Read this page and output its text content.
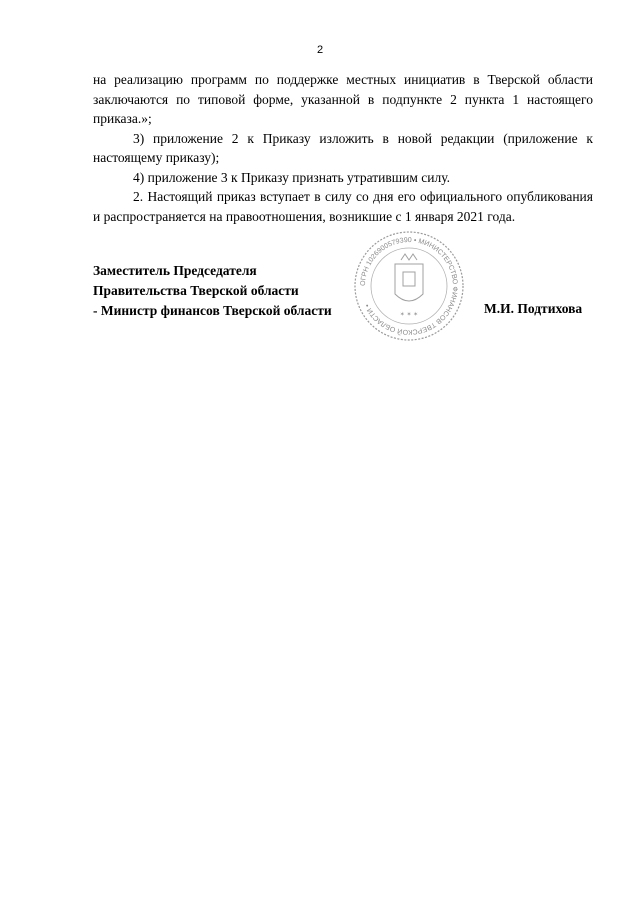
2

на реализацию программ по поддержке местных инициатив в Тверской области заключаются по типовой форме, указанной в подпункте 2 пункта 1 настоящего приказа.»;

3) приложение 2 к Приказу изложить в новой редакции (приложение к настоящему приказу);

4) приложение 3 к Приказу признать утратившим силу.

2. Настоящий приказ вступает в силу со дня его официального опубликования и распространяется на правоотношения, возникшие с 1 января 2021 года.

Заместитель Председателя
Правительства Тверской области
- Министр финансов Тверской области
ОГРН 1026900579390 • МИНИСТЕРСТВО ФИНАНСОВ ТВЕРСКОЙ ОБЛАСТИ •
✶ ✶ ✶	М.И. Подтихова
